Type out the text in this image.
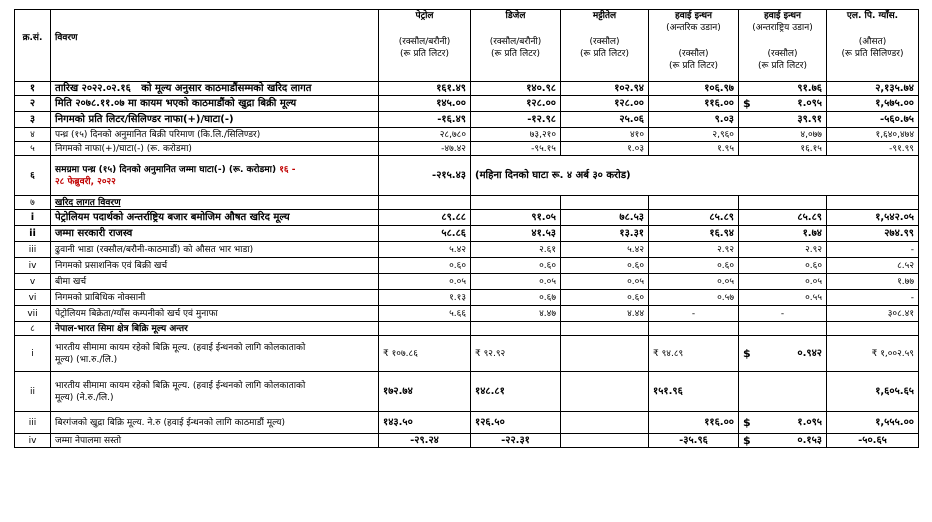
क्र.सं.	विवरण	पेट्रोल
(रक्सौल/बरौनी)
(रू प्रति लिटर)	डिजेल
(रक्सौल/बरौनी)
(रू प्रति लिटर)	मट्टीतेल
(रक्सौल)
(रू प्रति लिटर)	हवाई इन्धन
(अन्तरिक उडान)
(रक्सौल)
(रू प्रति लिटर)	हवाई इन्धन
(अन्तराष्ट्रिय उडान)
(रक्सौल)
(रू प्रति लिटर)	एल. पि. ग्याँस.
(औसत)
(रू प्रति सिलिण्डर)

१	तारिख २०२२.०२.१६ को मूल्य अनुसार काठमाडौंसम्मको खरिद लागत	१६१.४९	१४०.९८	१०२.९४	१०६.९७	९१.७६	२,१३५.७४
२	मिति २०७८.११.०७ मा कायम भएको काठमाडौंको खुद्रा बिक्री मूल्य	१४५.००	१२८.००	१२८.००	११६.००	$ १.०९५	१,५७५.००
३	निगमको प्रति लिटर/सिलिण्डर नाफा(+)/घाटा(-)	-१६.४९	-१२.९८	२५.०६	९.०३	३९.९१	-५६०.७५
४	पन्ध्र (१५) दिनको अनुमानित बिक्री परिमाण (कि.लि./सिलिण्डर)	२८,७८०	७३,२१०	४१०	२,९६०	४,०७७	१,६४०,४७४
५	निगमको नाफा(+)/घाटा(-) (रू. करोडमा)	-४७.४२	-९५.१५	१.०३	१.९५	१६.१५	-९१.९९
६	समग्रमा पन्ध्र (१५) दिनको अनुमानित जम्मा घाटा(-) (रू. करोडमा) १६ -
२८ फेब्रुवरी, २०२२	-२१५.४३	(महिना दिनको घाटा रू. ४ अर्ब ३० करोड)				
७	खरिद लागत विवरण						
i	पेट्रोलियम पदार्थको अन्तर्राष्ट्रिय बजार बमोजिम औषत खरिद मूल्य	८९.८८	९१.०५	७८.५३	८५.८९	८५.८९	१,५४२.०५
ii	जम्मा सरकारी राजस्व	५८.८६	४१.५३	१३.३१	१६.९४	१.७४	२७४.९९
iii	ढुवानी भाडा (रक्सौल/बरौनी-काठमाडौं) को औसत भार भाडा)	५.४२	२.६१	५.४२	२.९२	२.९२	-
iv	निगमको प्रसाशनिक एवं बिक्री खर्च	०.६०	०.६०	०.६०	०.६०	०.६०	८.५२
v	बीमा खर्च	०.०५	०.०५	०.०५	०.०५	०.०५	१.७७
vi	निगमको प्राबिधिक नोक्सानी	१.१३	०.६७	०.६०	०.५७	०.५५	-
vii	पेट्रोलियम बिक्रेता/ग्याँस कम्पनीको खर्च एवं मुनाफा	५.६६	४.४७	४.४४	-	-	३०८.४१
८	नेपाल-भारत सिमा क्षेत्र बिक्रि मूल्य अन्तर						
i	भारतीय सीमामा कायम रहेको बिक्रि मूल्य. (हवाई ईन्धनको लागि कोलकाताको
मूल्य) (भा.रु./लि.)	₹ १०७.८६	₹ ९२.९२		₹ ९४.८९	$ ०.९४२	₹ १,००२.५९
ii	भारतीय सीमामा कायम रहेको बिक्रि मूल्य. (हवाई ईन्धनको लागि कोलकाताको
मूल्य) (ने.रु./लि.)	१७२.७४	१४८.८१		१५१.९६		१,६०५.६५
iii	बिरगंजको खुद्रा बिक्रि मूल्य. ने.रु (हवाई ईन्धनको लागि काठमाडौं मूल्य)	१४३.५०	१२६.५०		११६.००	$ १.०९५	१,५५५.००
iv	जम्मा नेपालमा सस्तो	-२९.२४	-२२.३१		-३५.९६	$ ०.१५३	-५०.६५
